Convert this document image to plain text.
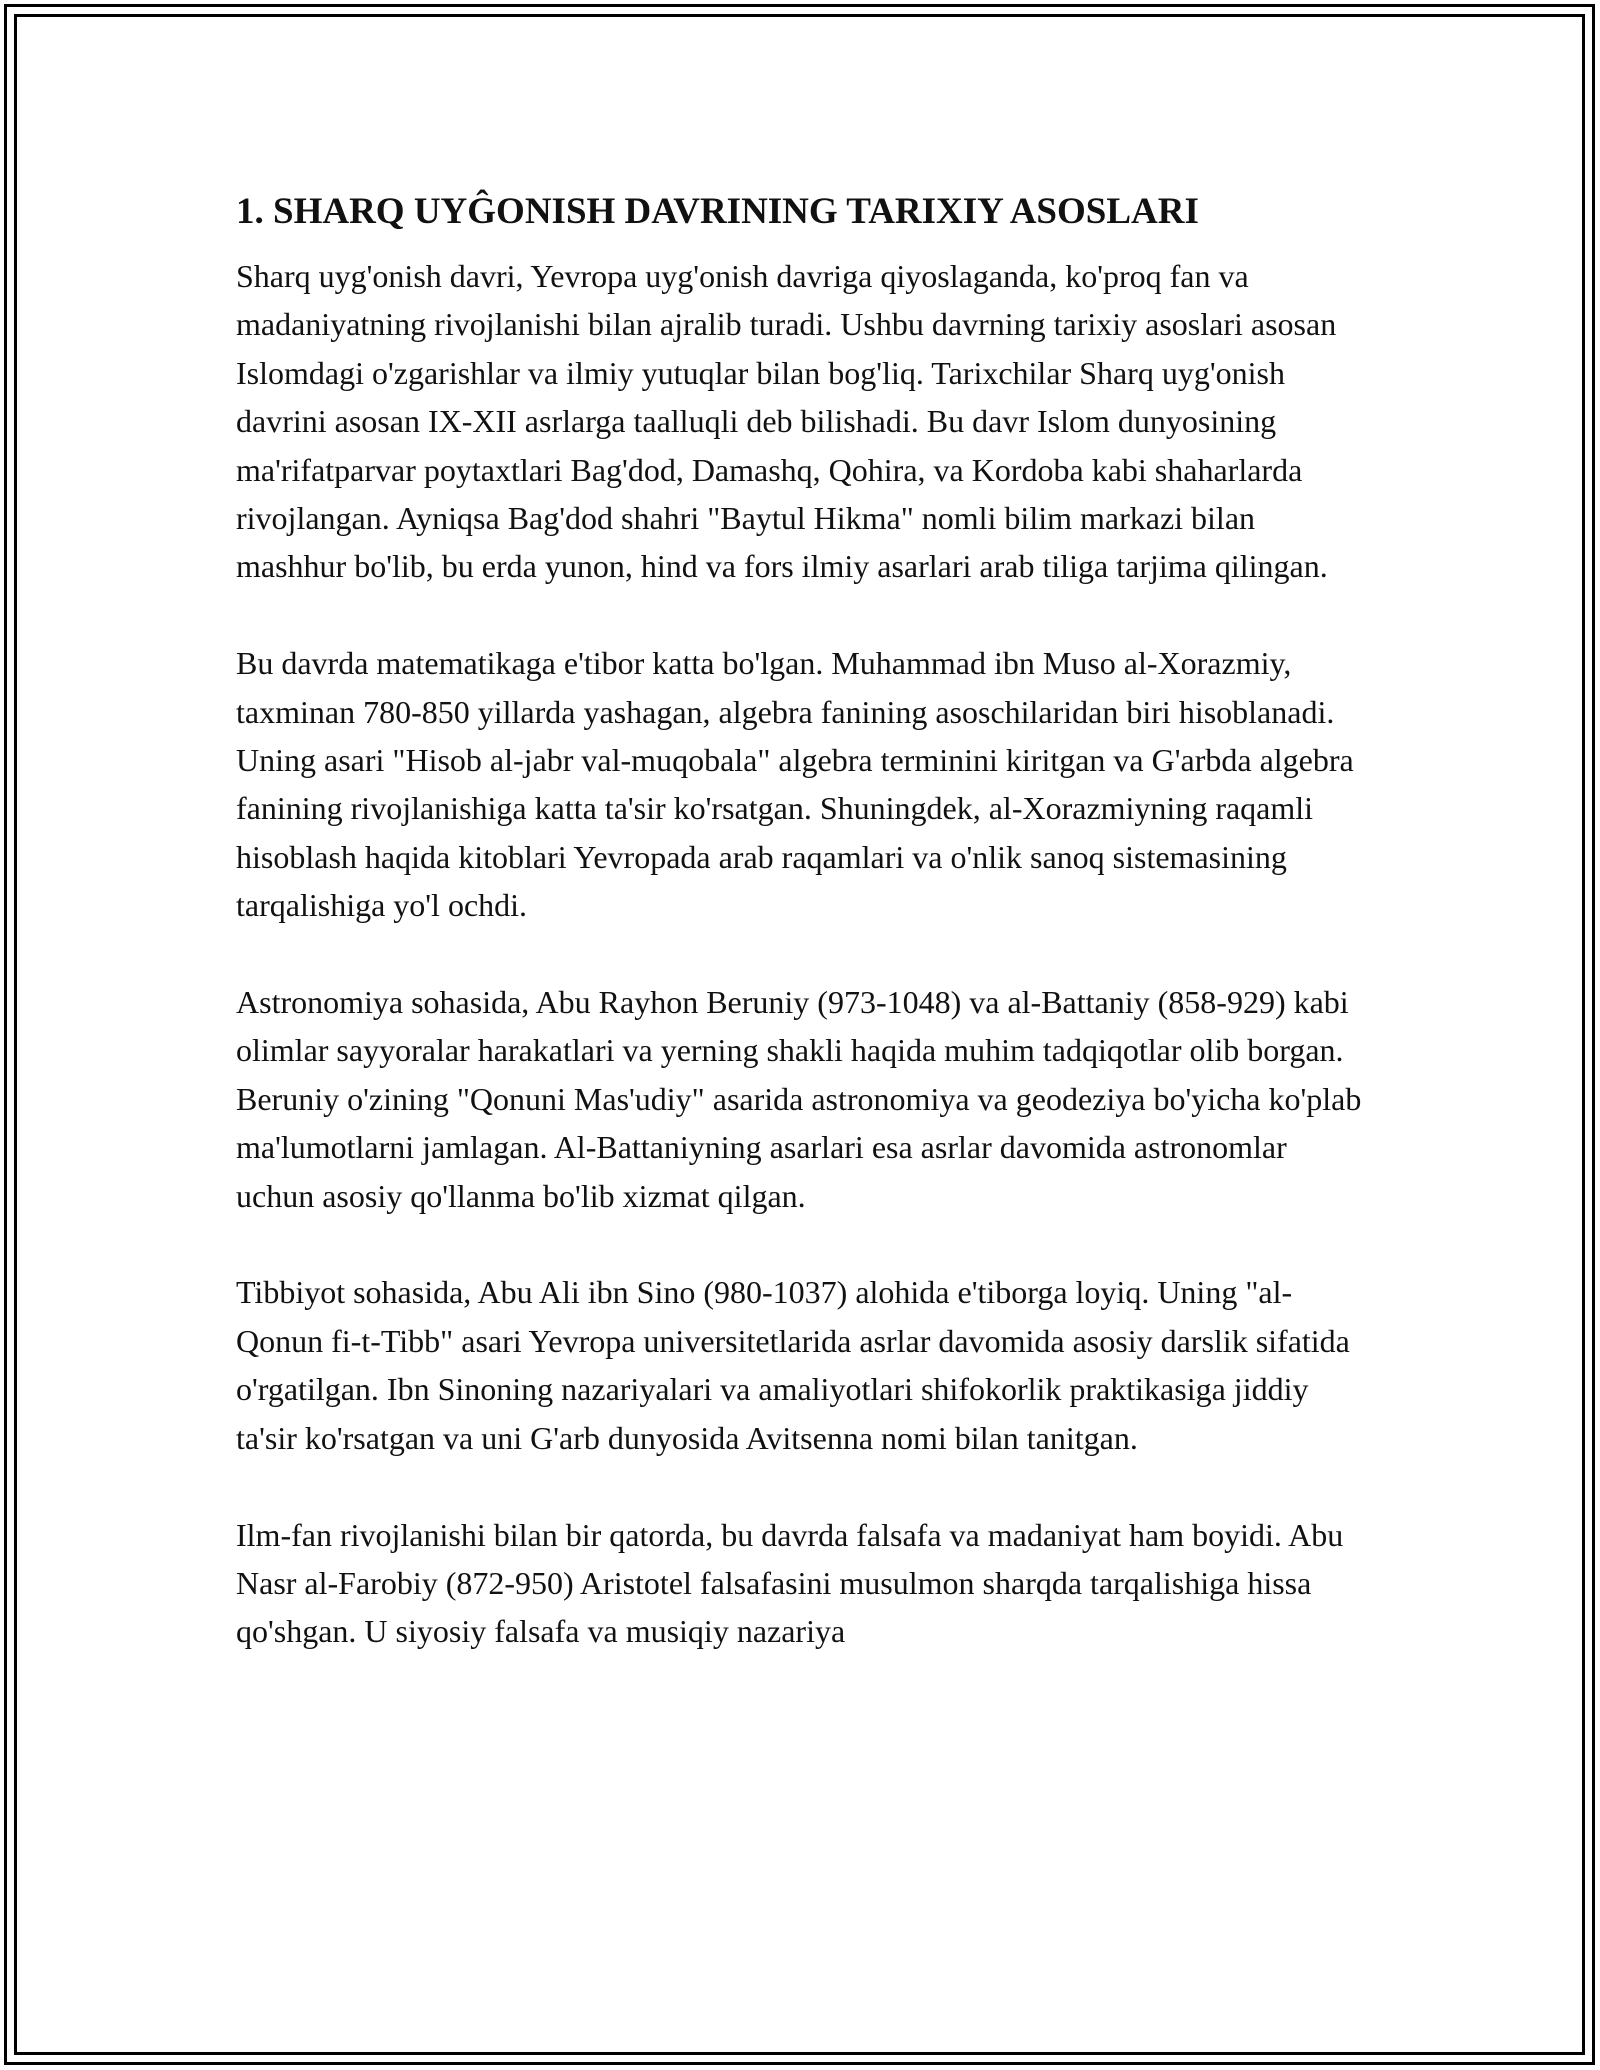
1. SHARQ UYĜONISH DAVRINING TARIXIY ASOSLARI

Sharq uyg'onish davri, Yevropa uyg'onish davriga qiyoslaganda, ko'proq fan va madaniyatning rivojlanishi bilan ajralib turadi. Ushbu davrning tarixiy asoslari asosan Islomdagi o'zgarishlar va ilmiy yutuqlar bilan bog'liq. Tarixchilar Sharq uyg'onish davrini asosan IX-XII asrlarga taalluqli deb bilishadi. Bu davr Islom dunyosining ma'rifatparvar poytaxtlari Bag'dod, Damashq, Qohira, va Kordoba kabi shaharlarda rivojlangan. Ayniqsa Bag'dod shahri "Baytul Hikma" nomli bilim markazi bilan mashhur bo'lib, bu erda yunon, hind va fors ilmiy asarlari arab tiliga tarjima qilingan.

Bu davrda matematikaga e'tibor katta bo'lgan. Muhammad ibn Muso al-Xorazmiy, taxminan 780-850 yillarda yashagan, algebra fanining asoschilaridan biri hisoblanadi. Uning asari "Hisob al-jabr val-muqobala" algebra terminini kiritgan va G'arbda algebra fanining rivojlanishiga katta ta'sir ko'rsatgan. Shuningdek, al-Xorazmiyning raqamli hisoblash haqida kitoblari Yevropada arab raqamlari va o'nlik sanoq sistemasining tarqalishiga yo'l ochdi.

Astronomiya sohasida, Abu Rayhon Beruniy (973-1048) va al-Battaniy (858-929) kabi olimlar sayyoralar harakatlari va yerning shakli haqida muhim tadqiqotlar olib borgan. Beruniy o'zining "Qonuni Mas'udiy" asarida astronomiya va geodeziya bo'yicha ko'plab ma'lumotlarni jamlagan. Al-Battaniyning asarlari esa asrlar davomida astronomlar uchun asosiy qo'llanma bo'lib xizmat qilgan.

Tibbiyot sohasida, Abu Ali ibn Sino (980-1037) alohida e'tiborga loyiq. Uning "al-Qonun fi-t-Tibb" asari Yevropa universitetlarida asrlar davomida asosiy darslik sifatida o'rgatilgan. Ibn Sinoning nazariyalari va amaliyotlari shifokorlik praktikasiga jiddiy ta'sir ko'rsatgan va uni G'arb dunyosida Avitsenna nomi bilan tanitgan.

Ilm-fan rivojlanishi bilan bir qatorda, bu davrda falsafa va madaniyat ham boyidi. Abu Nasr al-Farobiy (872-950) Aristotel falsafasini musulmon sharqda tarqalishiga hissa qo'shgan. U siyosiy falsafa va musiqiy nazariya
